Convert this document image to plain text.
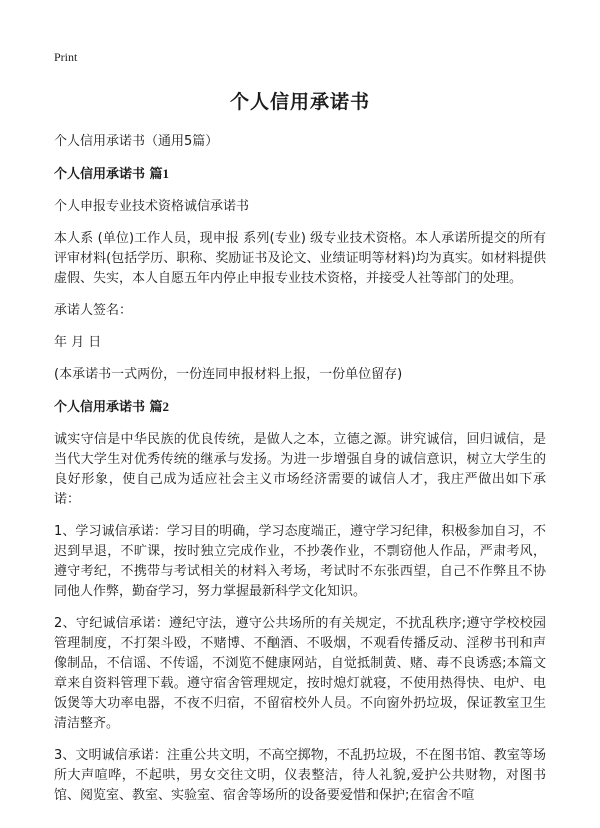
Print
个人信用承诺书
个人信用承诺书（通用5篇）
个人信用承诺书 篇1
个人申报专业技术资格诚信承诺书
本人系 (单位)工作人员，现申报 系列(专业) 级专业技术资格。本人承诺所提交的所有评审材料(包括学历、职称、奖励证书及论文、业绩证明等材料)均为真实。如材料提供虚假、失实，本人自愿五年内停止申报专业技术资格，并接受人社等部门的处理。
承诺人签名：
年 月 日
(本承诺书一式两份，一份连同申报材料上报，一份单位留存)
个人信用承诺书 篇2
诚实守信是中华民族的优良传统，是做人之本，立德之源。讲究诚信，回归诚信，是当代大学生对优秀传统的继承与发扬。为进一步增强自身的诚信意识，树立大学生的良好形象，使自己成为适应社会主义市场经济需要的诚信人才，我庄严做出如下承诺：
1、学习诚信承诺：学习目的明确，学习态度端正，遵守学习纪律，积极参加自习，不迟到早退，不旷课，按时独立完成作业，不抄袭作业，不剽窃他人作品，严肃考风，遵守考纪，不携带与考试相关的材料入考场，考试时不东张西望，自己不作弊且不协同他人作弊，勤奋学习，努力掌握最新科学文化知识。
2、守纪诚信承诺：遵纪守法，遵守公共场所的有关规定，不扰乱秩序;遵守学校校园管理制度，不打架斗殴，不赌博、不酗酒、不吸烟，不观看传播反动、淫秽书刊和声像制品，不信谣、不传谣，不浏览不健康网站，自觉抵制黄、赌、毒不良诱惑;本篇文章来自资料管理下载。遵守宿舍管理规定，按时熄灯就寝，不使用热得快、电炉、电饭煲等大功率电器，不夜不归宿，不留宿校外人员。不向窗外扔垃圾，保证教室卫生清洁整齐。
3、文明诚信承诺：注重公共文明，不高空掷物，不乱扔垃圾，不在图书馆、教室等场所大声喧哗，不起哄，男女交往文明，仪表整洁，待人礼貌,爱护公共财物，对图书馆、阅览室、教室、实验室、宿舍等场所的设备要爱惜和保护;在宿舍不喧
